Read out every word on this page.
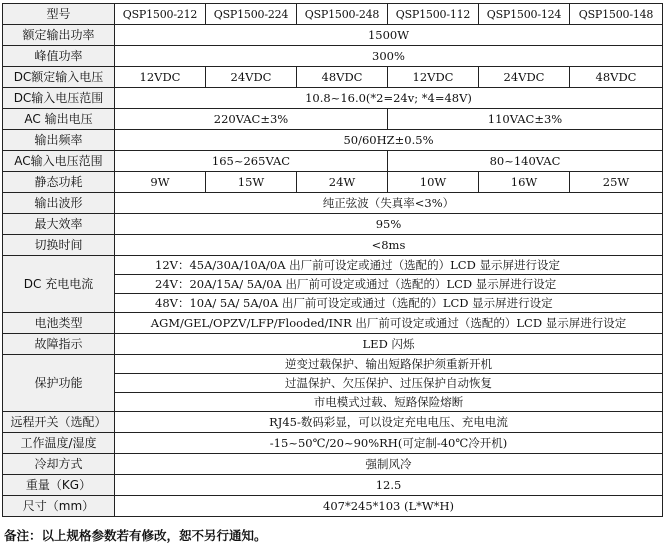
型号	QSP1500-212	QSP1500-224	QSP1500-248	QSP1500-112	QSP1500-124	QSP1500-148
额定输出功率	1500W					
峰值功率	300%					
DC额定输入电压	12VDC	24VDC	48VDC	12VDC	24VDC	48VDC
DC输入电压范围	10.8~16.0(*2=24v; *4=48V)					
AC 输出电压	220VAC±3%			110VAC±3%		
输出频率	50/60HZ±0.5%					
AC输入电压范围	165~265VAC			80~140VAC		
静态功耗	9W	15W	24W	10W	16W	25W
输出波形	纯正弦波（失真率<3%）					
最大效率	95%					
切换时间	<8ms					
DC 充电电流	12V：45A/30A/10A/0A 出厂前可设定或通过（选配的）LCD 显示屏进行设定
24V：20A/15A/ 5A/0A 出厂前可设定或通过（选配的）LCD 显示屏进行设定
48V：10A/ 5A/ 5A/0A 出厂前可设定或通过（选配的）LCD 显示屏进行设定					

电池类型	AGM/GEL/OPZV/LFP/Flooded/INR 出厂前可设定或通过（选配的）LCD 显示屏进行设定					
故障指示	LED 闪烁					
保护功能	逆变过载保护、输出短路保护须重新开机
过温保护、欠压保护、过压保护自动恢复
市电模式过载、短路保险熔断					

远程开关（选配）	RJ45-数码彩显，可以设定充电电压、充电电流					
工作温度/湿度	-15~50℃/20~90%RH(可定制-40℃冷开机)					
冷却方式	强制风冷					
重量（KG）	12.5					
尺寸（mm）	407*245*103 (L*W*H)					
备注：以上规格参数若有修改，恕不另行通知。
